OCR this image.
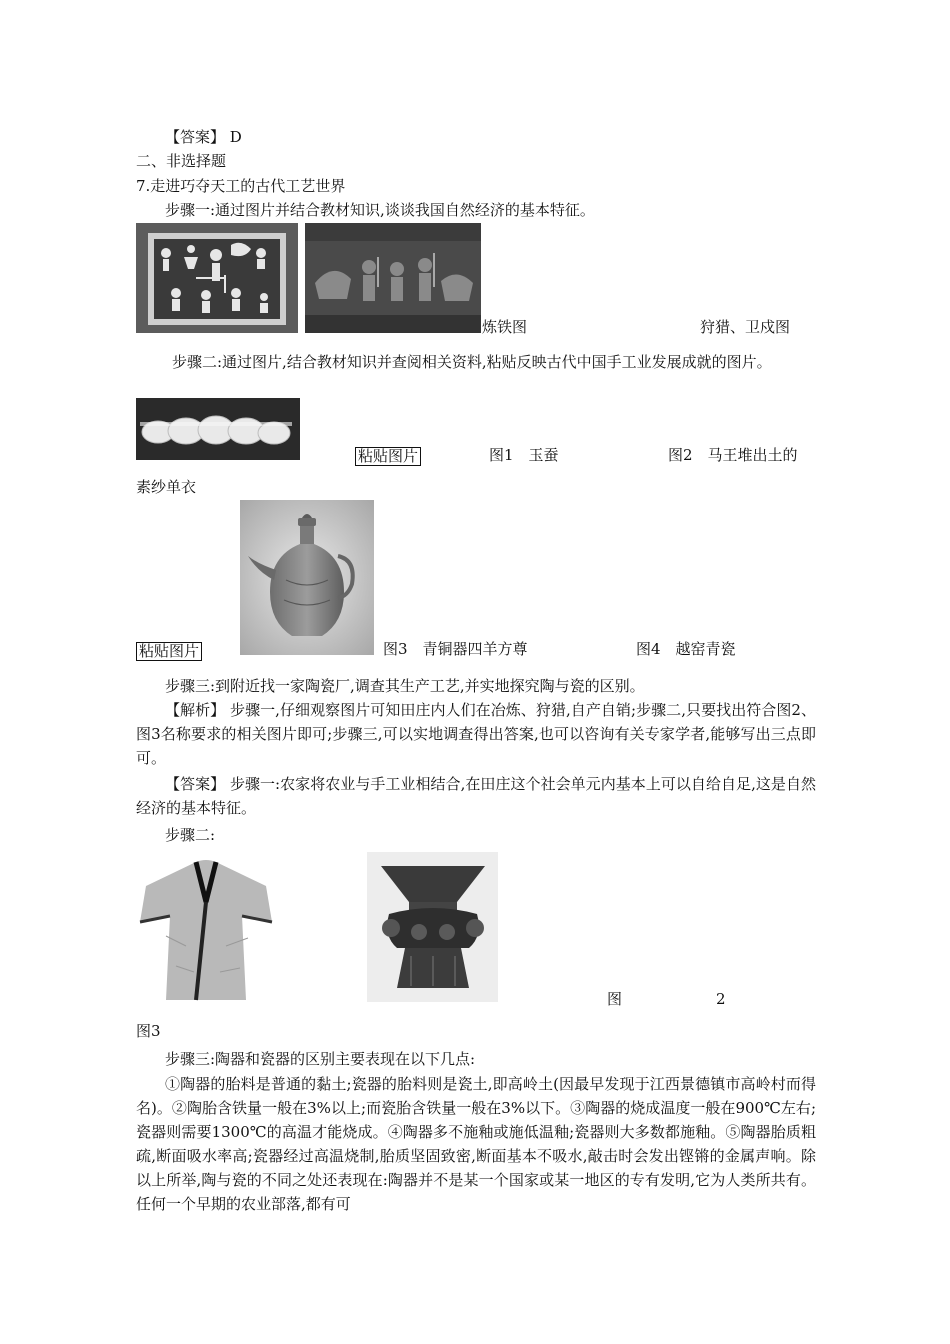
【答案】 D
二、非选择题
7.走进巧夺天工的古代工艺世界
步骤一:通过图片并结合教材知识,谈谈我国自然经济的基本特征。
炼铁图	狩猎、卫戍图
步骤二:通过图片,结合教材知识并查阅相关资料,粘贴反映古代中国手工业发展成就的图片。
粘贴图片	图1　玉蚕	图2　马王堆出土的
素纱单衣
粘贴图片	图3　青铜器四羊方尊	图4　越窑青瓷
步骤三:到附近找一家陶瓷厂,调查其生产工艺,并实地探究陶与瓷的区别。
【解析】 步骤一,仔细观察图片可知田庄内人们在冶炼、狩猎,自产自销;步骤二,只要找出符合图2、图3名称要求的相关图片即可;步骤三,可以实地调查得出答案,也可以咨询有关专家学者,能够写出三点即可。
【答案】 步骤一:农家将农业与手工业相结合,在田庄这个社会单元内基本上可以自给自足,这是自然经济的基本特征。
步骤二:
图	2
图3
步骤三:陶器和瓷器的区别主要表现在以下几点:
①陶器的胎料是普通的黏土;瓷器的胎料则是瓷土,即高岭土(因最早发现于江西景德镇市高岭村而得名)。②陶胎含铁量一般在3%以上;而瓷胎含铁量一般在3%以下。③陶器的烧成温度一般在900℃左右;瓷器则需要1300℃的高温才能烧成。④陶器多不施釉或施低温釉;瓷器则大多数都施釉。⑤陶器胎质粗疏,断面吸水率高;瓷器经过高温烧制,胎质坚固致密,断面基本不吸水,敲击时会发出铿锵的金属声响。除以上所举,陶与瓷的不同之处还表现在:陶器并不是某一个国家或某一地区的专有发明,它为人类所共有。任何一个早期的农业部落,都有可
